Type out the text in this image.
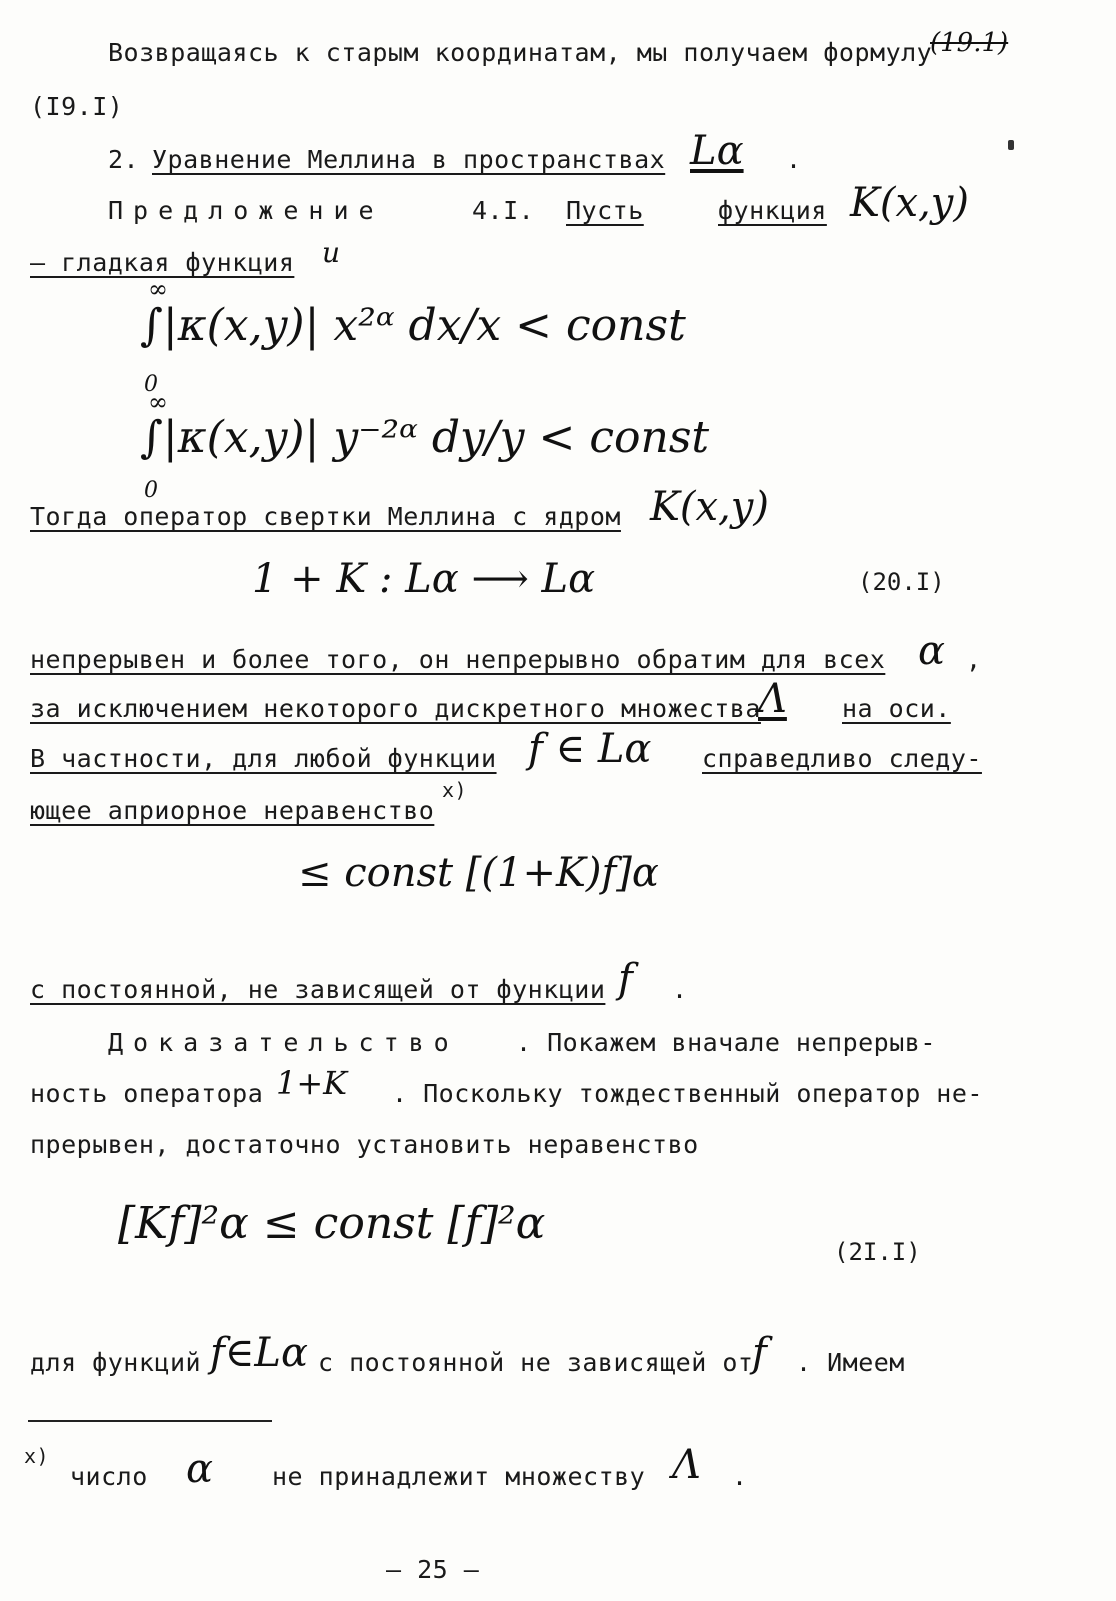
Возвращаясь к старым координатам, мы получаем формулу
(19.1)
(I9.I)
2. Уравнение Меллина в пространствах Lα .
Предложение	4.I. Пусть	функция K(x,y)
– гладкая функция и
∞
∫|κ(x,y)| x²ᵅ dx/x < const
0
∞
∫|κ(x,y)| y⁻²ᵅ dy/y < const
0
Тогда оператор свертки Меллина с ядром K(x,y)
1 + K : Lα ⟶ Lα	(20.I)
непрерывен и более того, он непрерывно обратим для всех α ,
за исключением некоторого дискретного множества
Λ на оси.
В частности, для любой функции f ∈ Lα справедливо следу-
ющее априорное неравенство
x)
≤ const [(1+K)f]α
с постоянной, не зависящей от функции f .
Доказательство . Покажем вначале непрерыв-
ность оператора 1+K . Поскольку тождественный оператор не-
прерывен, достаточно установить неравенство
[Kf]²α ≤ const [f]²α
(2I.I)
для функций f∈Lα с постоянной не зависящей от
f . Имеем
x)
число α не принадлежит множеству Λ .
– 25 –
